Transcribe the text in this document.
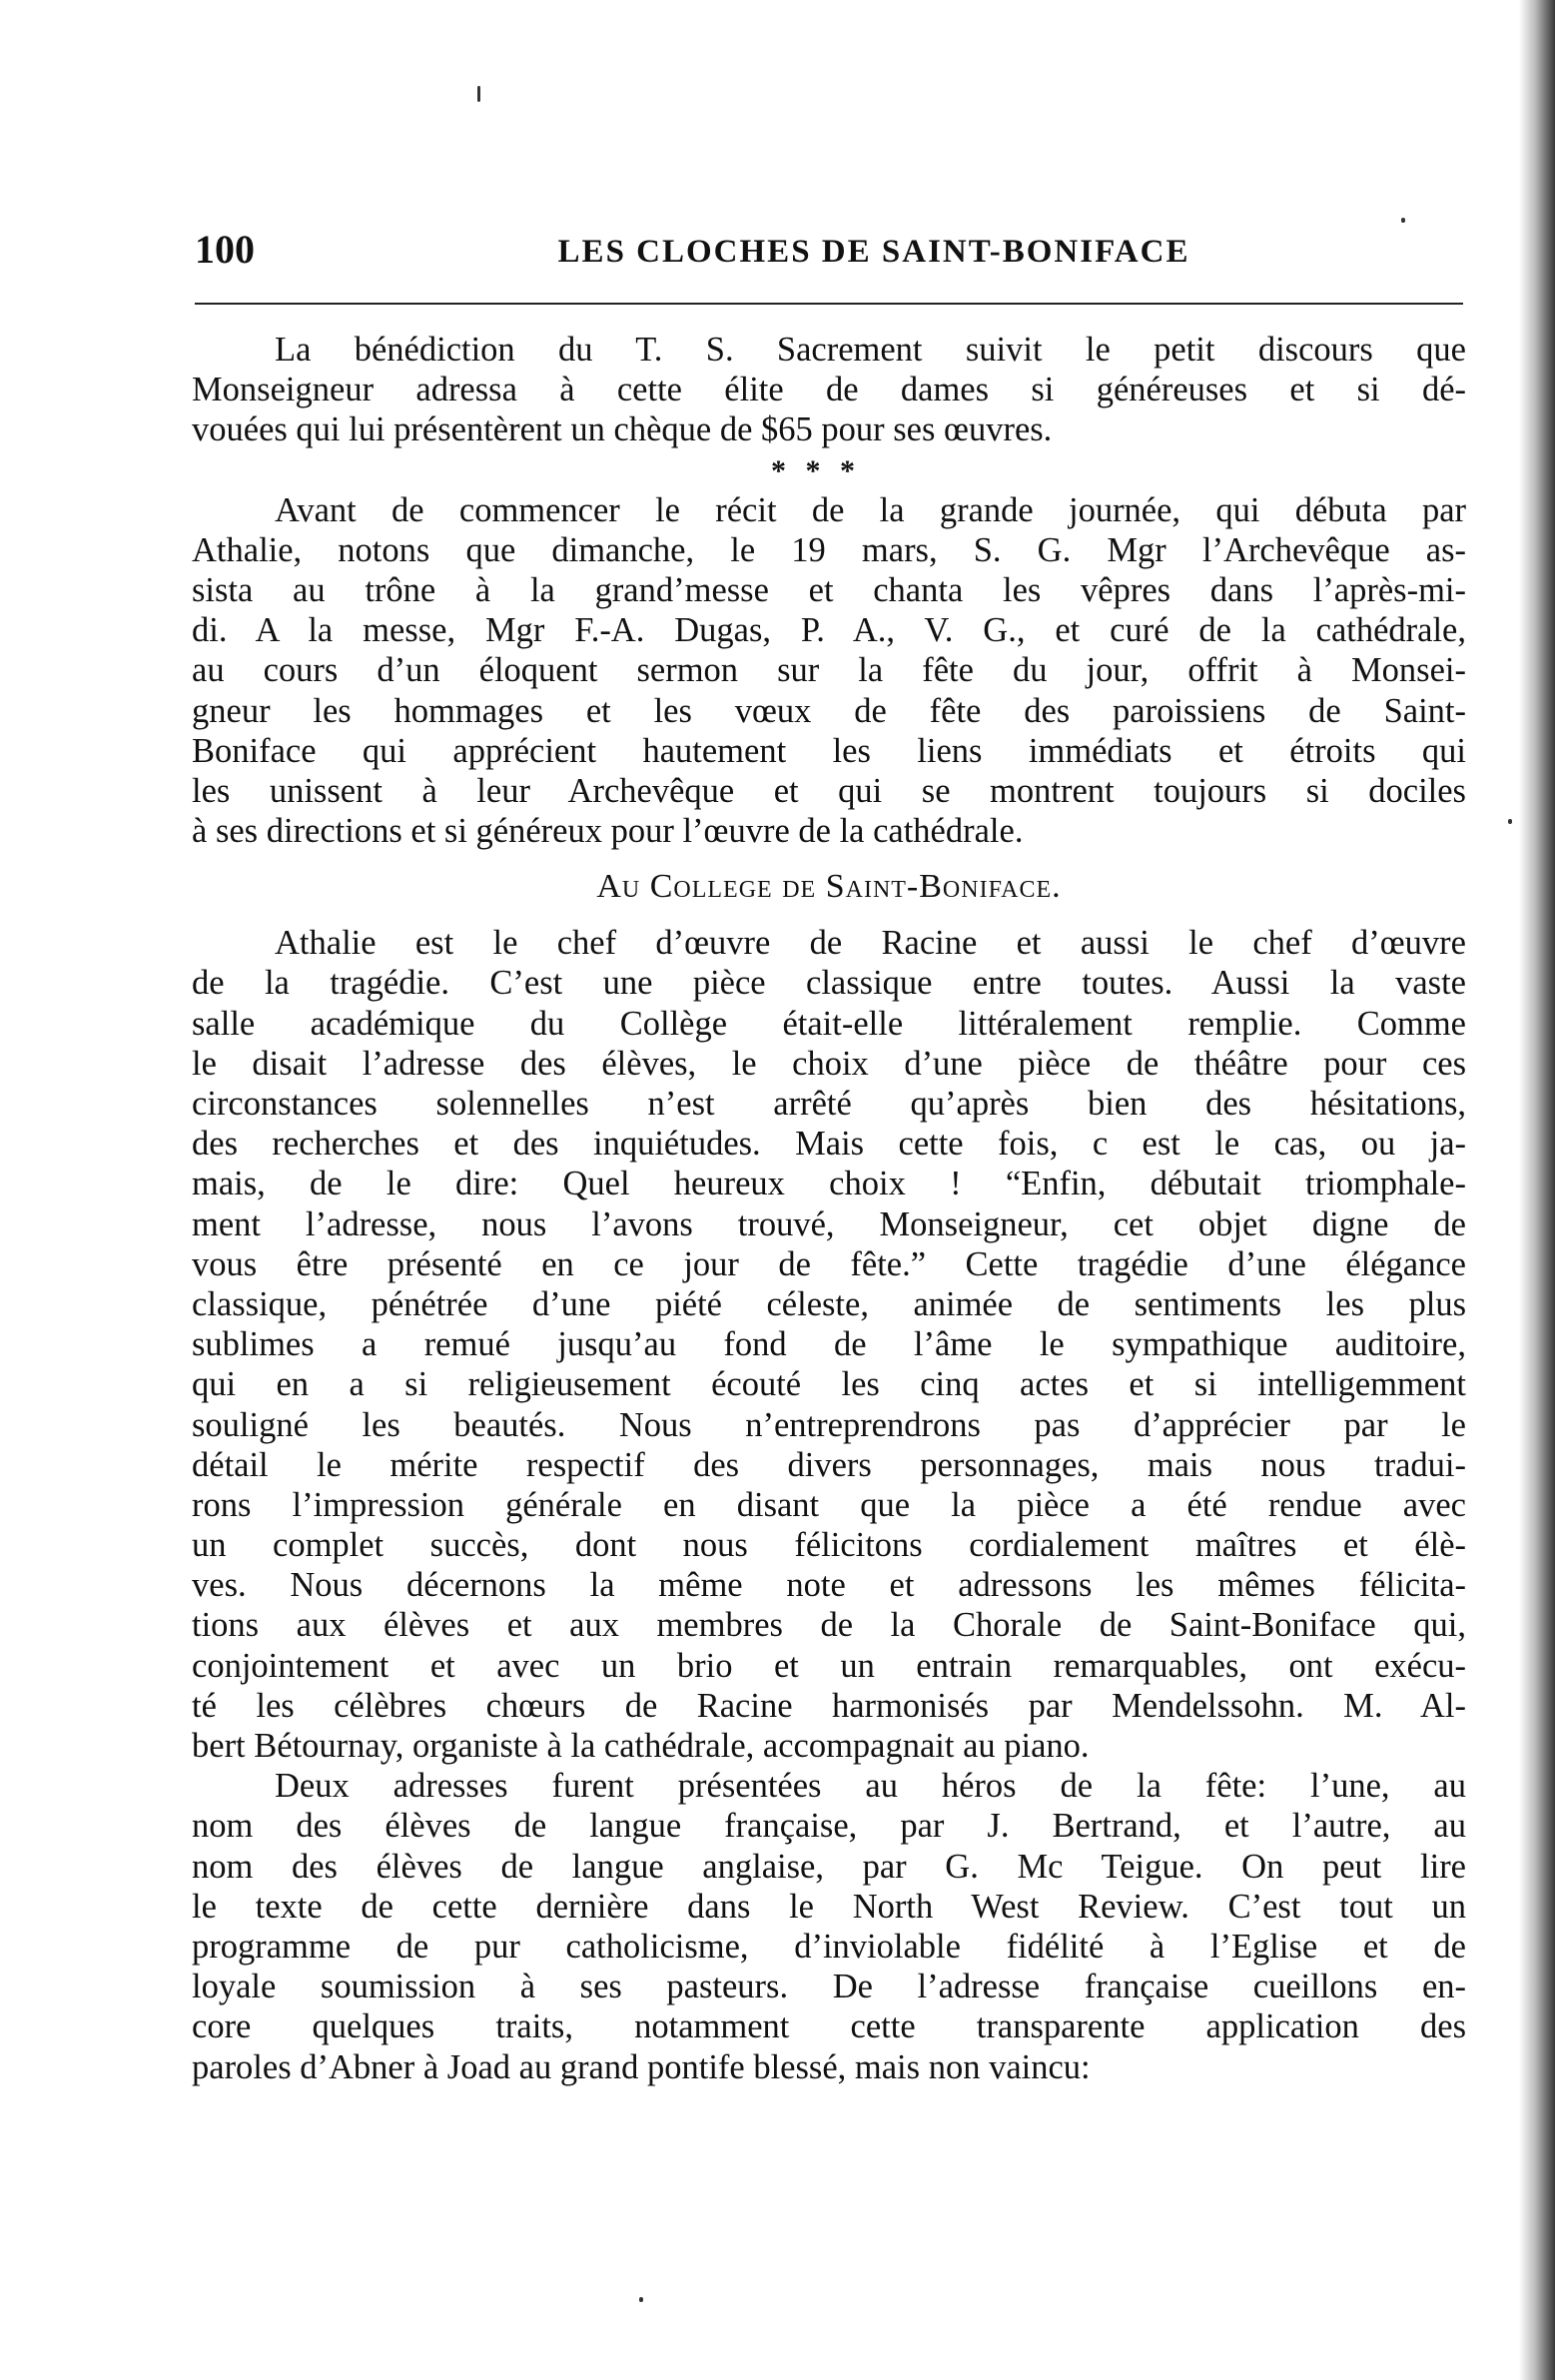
100	LES CLOCHES DE SAINT-BONIFACE
La bénédiction du T. S. Sacrement suivit le petit discours que
Monseigneur adressa à cette élite de dames si généreuses et si dé-
vouées qui lui présentèrent un chèque de $65 pour ses œuvres.
* * *
Avant de commencer le récit de la grande journée, qui débuta par
Athalie, notons que dimanche, le 19 mars, S. G. Mgr l’Archevêque as-
sista au trône à la grand’messe et chanta les vêpres dans l’après-mi-
di. A la messe, Mgr F.-A. Dugas, P. A., V. G., et curé de la cathédrale,
au cours d’un éloquent sermon sur la fête du jour, offrit à Monsei-
gneur les hommages et les vœux de fête des paroissiens de Saint-
Boniface qui apprécient hautement les liens immédiats et étroits qui
les unissent à leur Archevêque et qui se montrent toujours si dociles
à ses directions et si généreux pour l’œuvre de la cathédrale.
Au College de Saint-Boniface.
Athalie est le chef d’œuvre de Racine et aussi le chef d’œuvre
de la tragédie. C’est une pièce classique entre toutes. Aussi la vaste
salle académique du Collège était-elle littéralement remplie. Comme
le disait l’adresse des élèves, le choix d’une pièce de théâtre pour ces
circonstances solennelles n’est arrêté qu’après bien des hésitations,
des recherches et des inquiétudes. Mais cette fois, c est le cas, ou ja-
mais, de le dire: Quel heureux choix ! “Enfin, débutait triomphale-
ment l’adresse, nous l’avons trouvé, Monseigneur, cet objet digne de
vous être présenté en ce jour de fête.” Cette tragédie d’une élégance
classique, pénétrée d’une piété céleste, animée de sentiments les plus
sublimes a remué jusqu’au fond de l’âme le sympathique auditoire,
qui en a si religieusement écouté les cinq actes et si intelligemment
souligné les beautés. Nous n’entreprendrons pas d’apprécier par le
détail le mérite respectif des divers personnages, mais nous tradui-
rons l’impression générale en disant que la pièce a été rendue avec
un complet succès, dont nous félicitons cordialement maîtres et élè-
ves. Nous décernons la même note et adressons les mêmes félicita-
tions aux élèves et aux membres de la Chorale de Saint-Boniface qui,
conjointement et avec un brio et un entrain remarquables, ont exécu-
té les célèbres chœurs de Racine harmonisés par Mendelssohn. M. Al-
bert Bétournay, organiste à la cathédrale, accompagnait au piano.
Deux adresses furent présentées au héros de la fête: l’une, au
nom des élèves de langue française, par J. Bertrand, et l’autre, au
nom des élèves de langue anglaise, par G. Mc Teigue. On peut lire
le texte de cette dernière dans le North West Review. C’est tout un
programme de pur catholicisme, d’inviolable fidélité à l’Eglise et de
loyale soumission à ses pasteurs. De l’adresse française cueillons en-
core quelques traits, notamment cette transparente application des
paroles d’Abner à Joad au grand pontife blessé, mais non vaincu:
